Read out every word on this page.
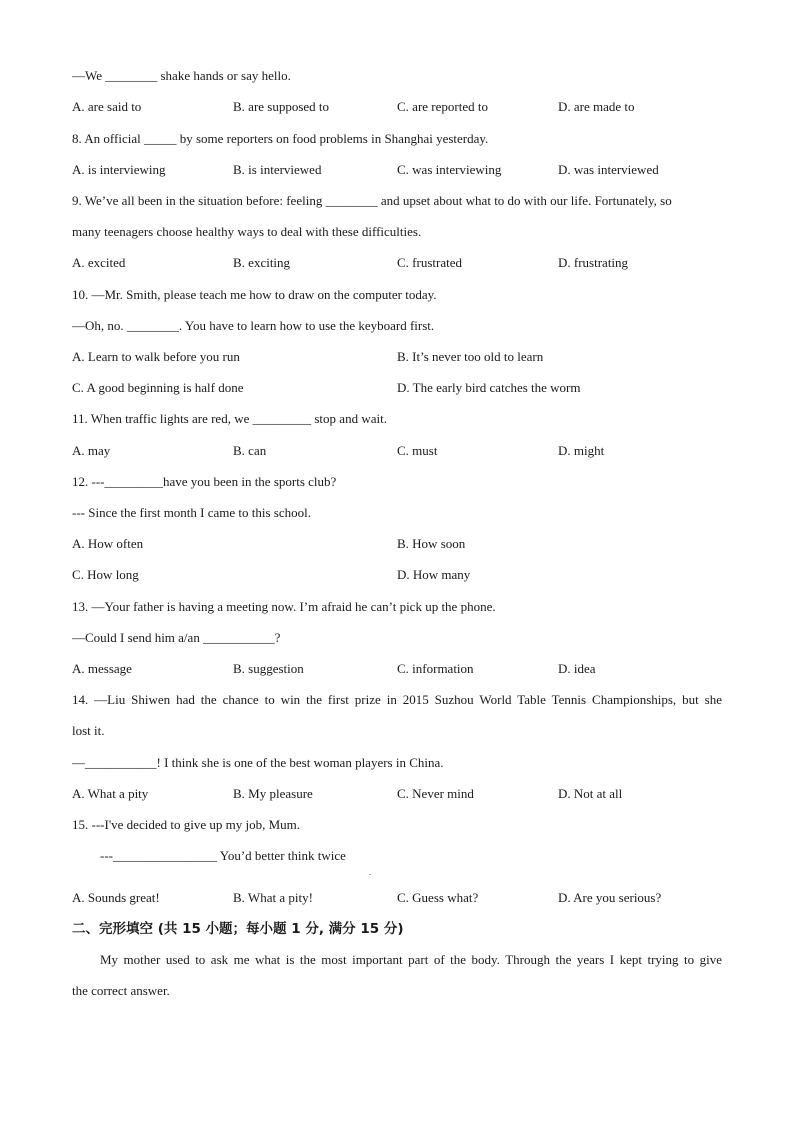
—We ________ shake hands or say hello.
A. are said to	B. are supposed to	C. are reported to	D. are made to
8. An official _____ by some reporters on food problems in Shanghai yesterday.
A. is interviewing	B. is interviewed	C. was interviewing	D. was interviewed
9. We’ve all been in the situation before: feeling ________ and upset about what to do with our life. Fortunately, so
many teenagers choose healthy ways to deal with these difficulties.
A. excited	B. exciting	C. frustrated	D. frustrating
10. —Mr. Smith, please teach me how to draw on the computer today.
—Oh, no. ________. You have to learn how to use the keyboard first.
A. Learn to walk before you run	B. It’s never too old to learn
C. A good beginning is half done	D. The early bird catches the worm
11. When traffic lights are red, we _________ stop and wait.
A. may	B. can	C. must	D. might
12. ---_________have you been in the sports club?
--- Since the first month I came to this school.
A. How often	B. How soon
C. How long	D. How many
13. —Your father is having a meeting now. I’m afraid he can’t pick up the phone.
—Could I send him a/an ___________?
A. message	B. suggestion	C. information	D. idea
14. —Liu Shiwen had the chance to win the first prize in 2015 Suzhou World Table Tennis Championships, but she
lost it.
—___________! I think she is one of the best woman players in China.
A. What a pity	B. My pleasure	C. Never mind	D. Not at all
15. ---I've decided to give up my job, Mum.
---________________ You’d better think twice
.
A. Sounds great!	B. What a pity!	C. Guess what?	D. Are you serious?
二、完形填空 (共 15 小题；每小题 1 分, 满分 15 分)
My mother used to ask me what is the most important part of the body. Through the years I kept trying to give
the correct answer.
